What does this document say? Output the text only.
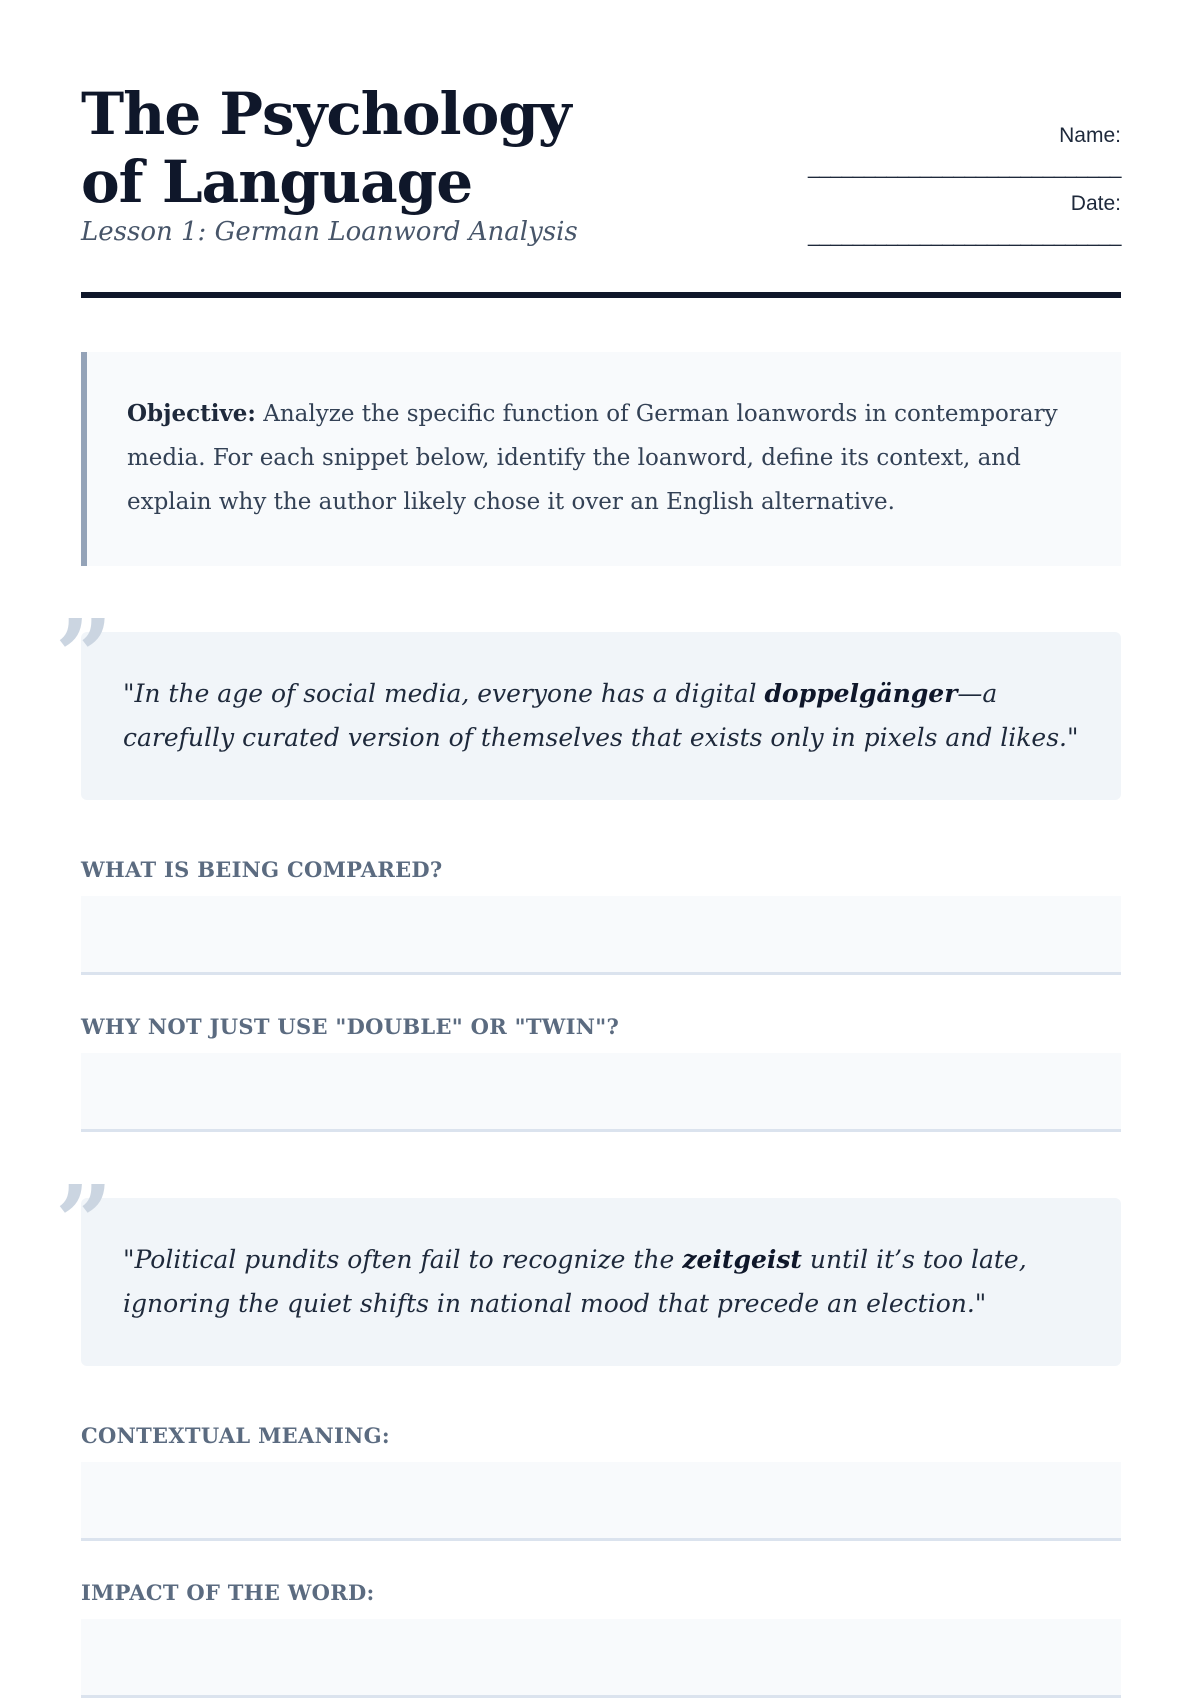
The Psychology of Language

Lesson 1: German Loanword Analysis

Name:
____________________________
Date:
____________________________
Objective: Analyze the specific function of German loanwords in contemporary media. For each snippet below, identify the loanword, define its context, and explain why the author likely chose it over an English alternative.
” "In the age of social media, everyone has a digital doppelgänger—a carefully curated version of themselves that exists only in pixels and likes."
WHAT IS BEING COMPARED?
WHY NOT JUST USE "DOUBLE" OR "TWIN"?
” "Political pundits often fail to recognize the zeitgeist until it’s too late, ignoring the quiet shifts in national mood that precede an election."
CONTEXTUAL MEANING:
IMPACT OF THE WORD:
